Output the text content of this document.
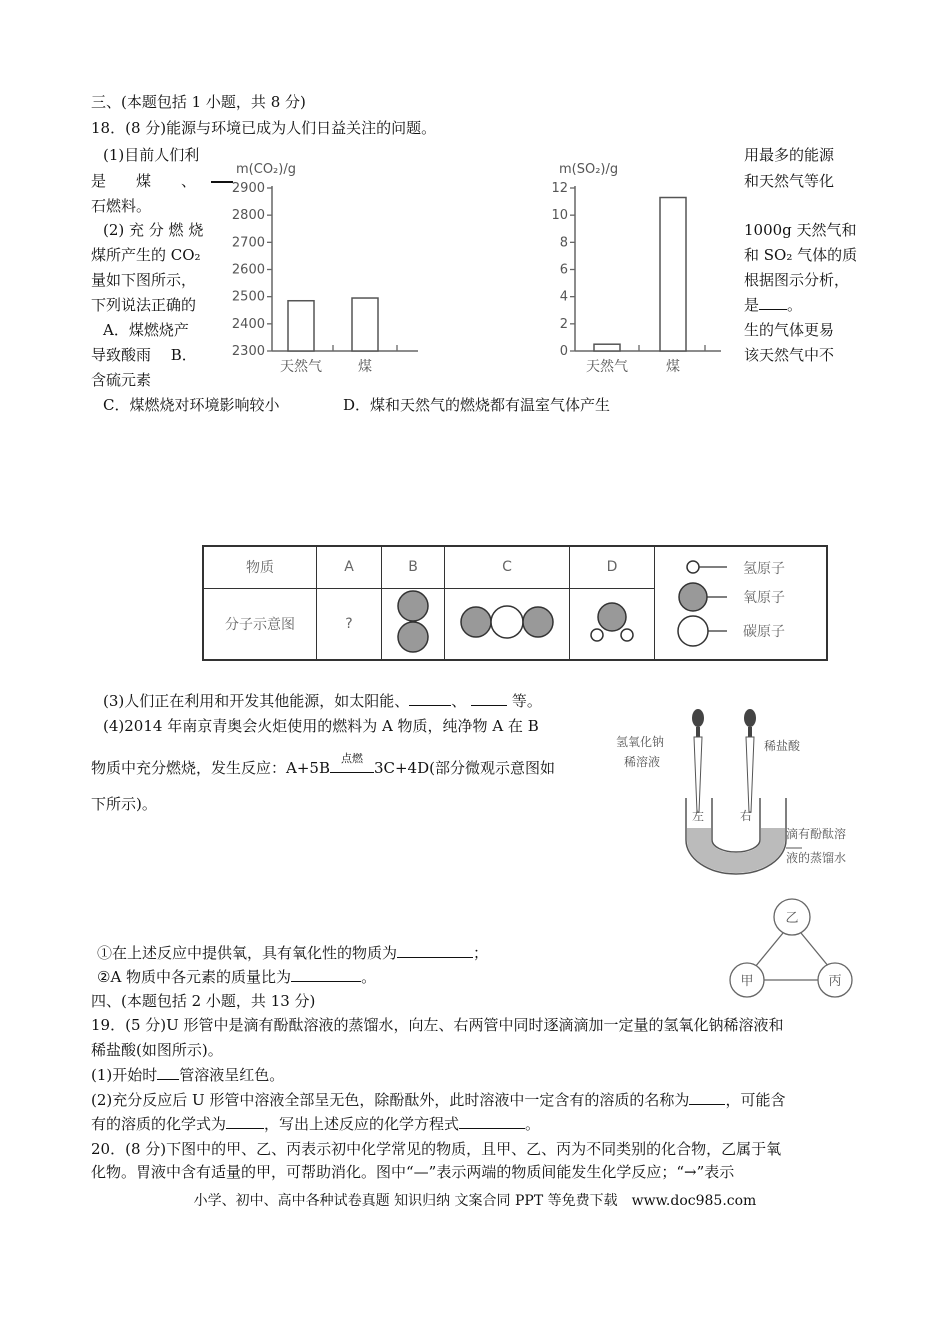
三、(本题包括 1 小题，共 8 分)
18．(8 分)能源与环境已成为人们日益关注的问题。
(1)目前人们利	用最多的能源
是　　煤　　、	和天然气等化
石燃料。
(2) 充 分 燃 烧	1000g 天然气和
煤所产生的 CO₂	和 SO₂ 气体的质
量如下图所示，	根据图示分析，
下列说法正确的	是 。
A．煤燃烧产	生的气体更易
导致酸雨　 B．	该天然气中不
含硫元素
C．煤燃烧对环境影响较小	D．煤和天然气的燃烧都有温室气体产生
m(CO₂)/g
2900
2800
2700
2600
2500
2400
2300
天然气	煤
m(SO₂)/g
12
10
8
6
4
2
0
天然气	煤
物质	A	B	C	D	氢原子
氧原子
碳原子

分子示意图	?			
(3)人们正在利用和开发其他能源，如太阳能、	、	等。
(4)2014 年南京青奥会火炬使用的燃料为 A 物质，纯净物 A 在 B
物质中充分燃烧，发生反应：A+5B
点燃
3C+4D(部分微观示意图如
下所示)。
①在上述反应中提供氧，具有氧化性的物质为	；
②A 物质中各元素的质量比为	。
氢氧化钠
稀溶液
稀盐酸
左	右
滴有酚酞溶
液的蒸馏水
乙
甲	丙
四、(本题包括 2 小题，共 13 分)
19．(5 分)U 形管中是滴有酚酞溶液的蒸馏水，向左、右两管中同时逐滴滴加一定量的氢氧化钠稀溶液和
稀盐酸(如图所示)。
(1)开始时 管溶液呈红色。
(2)充分反应后 U 形管中溶液全部呈无色，除酚酞外，此时溶液中一定含有的溶质的名称为 ，可能含
有的溶质的化学式为	，写出上述反应的化学方程式	。
20．(8 分)下图中的甲、乙、丙表示初中化学常见的物质，且甲、乙、丙为不同类别的化合物，乙属于氧
化物。胃液中含有适量的甲，可帮助消化。图中“—”表示两端的物质间能发生化学反应；“→”表示
小学、初中、高中各种试卷真题 知识归纳 文案合同 PPT 等免费下载　www.doc985.com
